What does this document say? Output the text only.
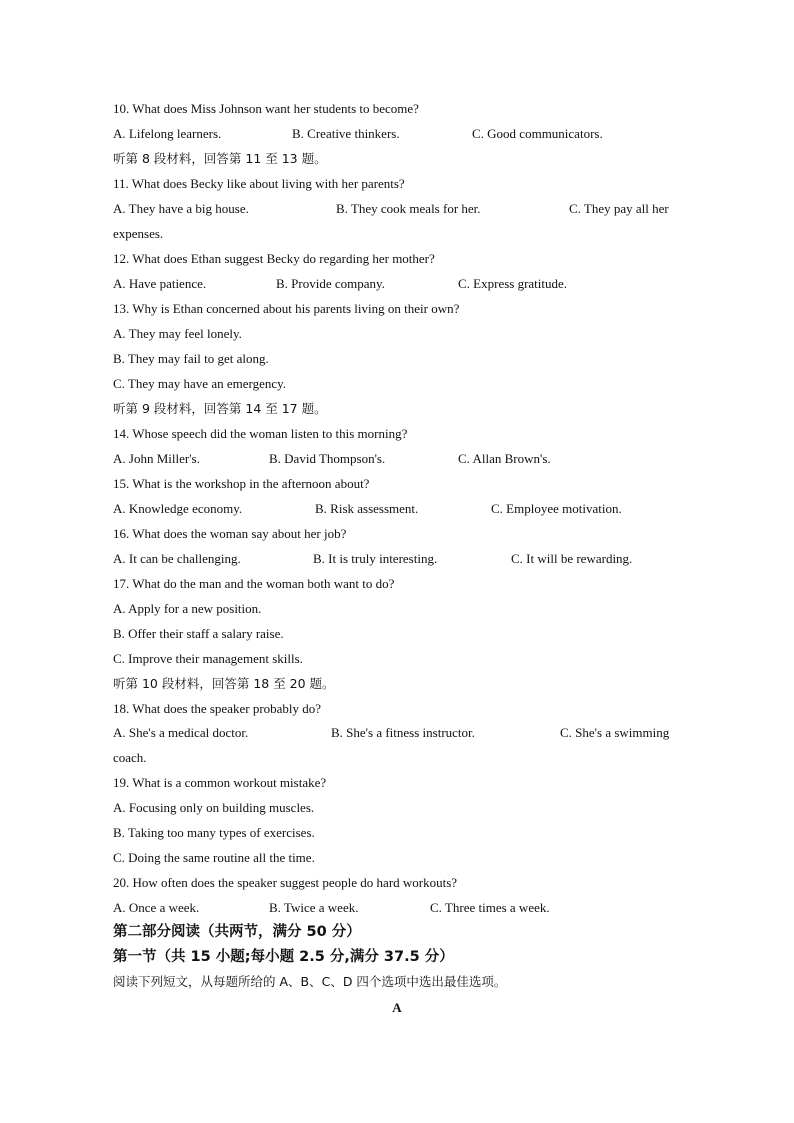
10. What does Miss Johnson want her students to become?
A. Lifelong learners.	B. Creative thinkers.	C. Good communicators.
听第 8 段材料，回答第 11 至 13 题。
11. What does Becky like about living with her parents?
A. They have a big house.	B. They cook meals for her.	C. They pay all her
expenses.
12. What does Ethan suggest Becky do regarding her mother?
A. Have patience.	B. Provide company.	C. Express gratitude.
13. Why is Ethan concerned about his parents living on their own?
A. They may feel lonely.
B. They may fail to get along.
C. They may have an emergency.
听第 9 段材料，回答第 14 至 17 题。
14. Whose speech did the woman listen to this morning?
A. John Miller's.	B. David Thompson's.	C. Allan Brown's.
15. What is the workshop in the afternoon about?
A. Knowledge economy.	B. Risk assessment.	C. Employee motivation.
16. What does the woman say about her job?
A. It can be challenging.	B. It is truly interesting.	C. It will be rewarding.
17. What do the man and the woman both want to do?
A. Apply for a new position.
B. Offer their staff a salary raise.
C. Improve their management skills.
听第 10 段材料，回答第 18 至 20 题。
18. What does the speaker probably do?
A. She's a medical doctor.	B. She's a fitness instructor.	C. She's a swimming
coach.
19. What is a common workout mistake?
A. Focusing only on building muscles.
B. Taking too many types of exercises.
C. Doing the same routine all the time.
20. How often does the speaker suggest people do hard workouts?
A. Once a week.	B. Twice a week.	C. Three times a week.
第二部分阅读（共两节，满分 50 分）
第一节（共 15 小题;每小题 2.5 分,满分 37.5 分）
阅读下列短文，从每题所给的 A、B、C、D 四个选项中选出最佳选项。
A
